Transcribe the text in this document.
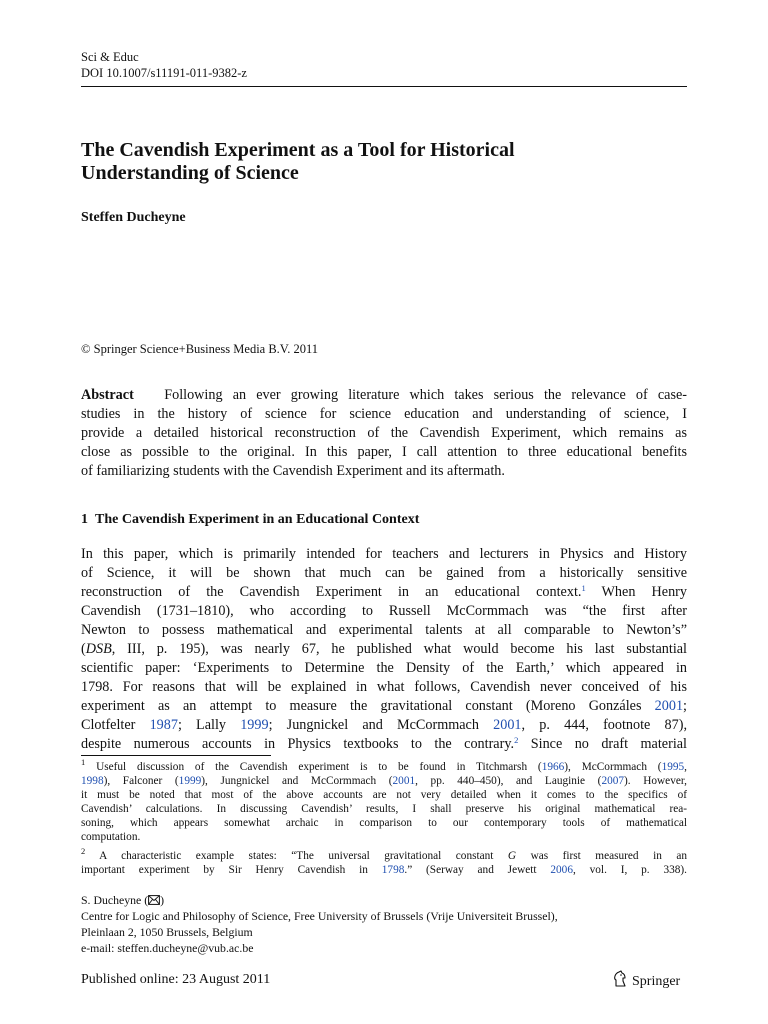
Sci & Educ
DOI 10.1007/s11191-011-9382-z
The Cavendish Experiment as a Tool for Historical
Understanding of Science
Steffen Ducheyne
© Springer Science+Business Media B.V. 2011
Abstract Following an ever growing literature which takes serious the relevance of case-
studies in the history of science for science education and understanding of science, I
provide a detailed historical reconstruction of the Cavendish Experiment, which remains as
close as possible to the original. In this paper, I call attention to three educational benefits
of familiarizing students with the Cavendish Experiment and its aftermath.
1 The Cavendish Experiment in an Educational Context
In this paper, which is primarily intended for teachers and lecturers in Physics and History
of Science, it will be shown that much can be gained from a historically sensitive
reconstruction of the Cavendish Experiment in an educational context.$^1$ When Henry
Cavendish (1731–1810), who according to Russell McCormmach was “the first after
Newton to possess mathematical and experimental talents at all comparable to Newton’s”
(DSB, III, p. 195), was nearly 67, he published what would become his last substantial
scientific paper: ‘Experiments to Determine the Density of the Earth,’ which appeared in
1798. For reasons that will be explained in what follows, Cavendish never conceived of his
experiment as an attempt to measure the gravitational constant (Moreno Gonzáles 2001;
Clotfelter 1987; Lally 1999; Jungnickel and McCormmach 2001, p. 444, footnote 87),
despite numerous accounts in Physics textbooks to the contrary.$^2$ Since no draft material
$^1$ Useful discussion of the Cavendish experiment is to be found in Titchmarsh (1966), McCormmach (1995,
1998), Falconer (1999), Jungnickel and McCormmach (2001, pp. 440–450), and Lauginie (2007). However,
it must be noted that most of the above accounts are not very detailed when it comes to the specifics of
Cavendish’ calculations. In discussing Cavendish’ results, I shall preserve his original mathematical rea-
soning, which appears somewhat archaic in comparison to our contemporary tools of mathematical
computation.
$^2$ A characteristic example states: “The universal gravitational constant G was first measured in an
important experiment by Sir Henry Cavendish in 1798.” (Serway and Jewett 2006, vol. I, p. 338).
S. Ducheyne ( )
Centre for Logic and Philosophy of Science, Free University of Brussels (Vrije Universiteit Brussel),
Pleinlaan 2, 1050 Brussels, Belgium
e-mail: steffen.ducheyne@vub.ac.be
Published online: 23 August 2011	Springer
